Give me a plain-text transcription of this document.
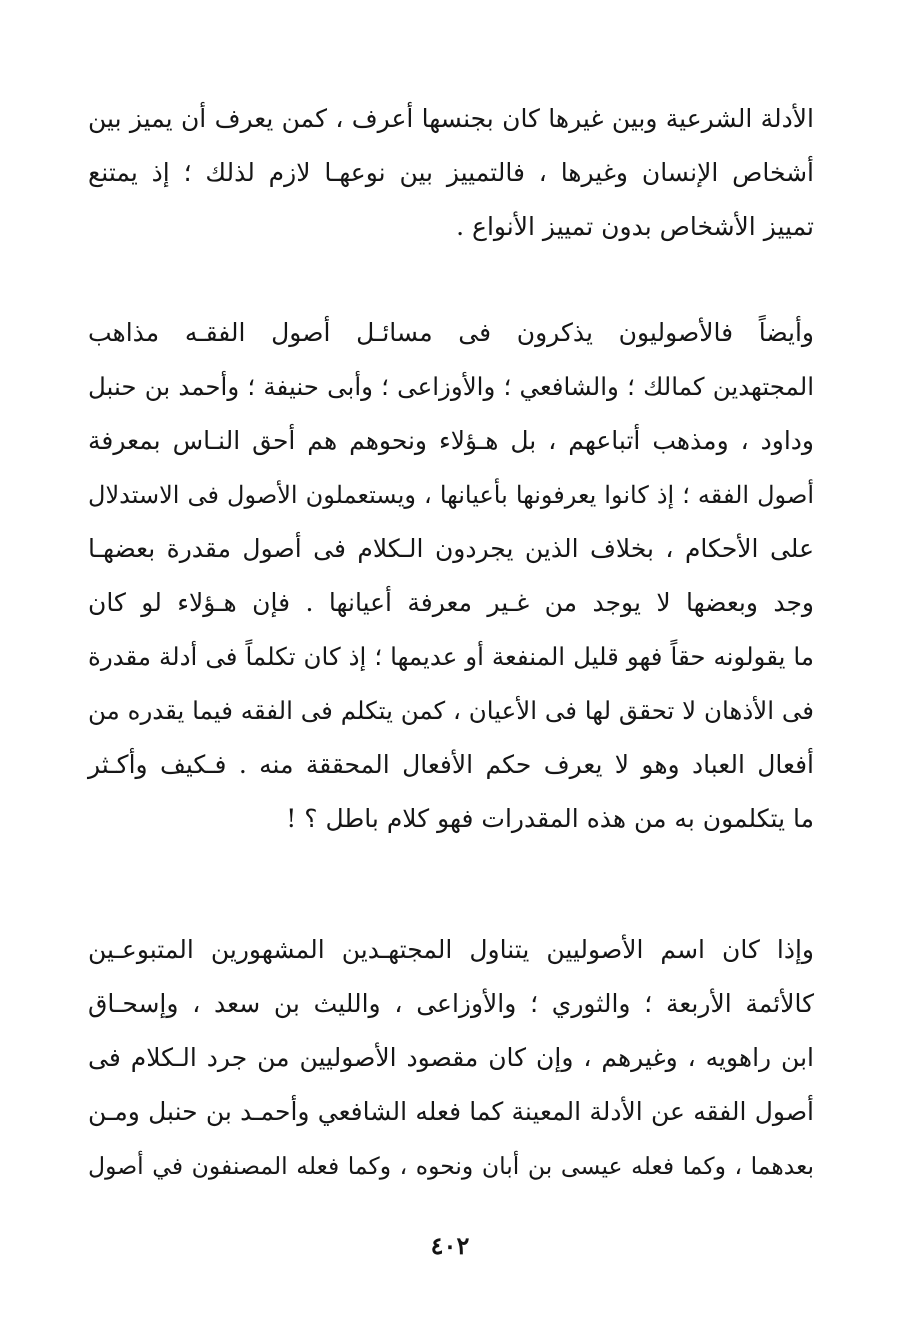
الأدلة الشرعية وبين غيرها كان بجنسها أعرف ، كمن يعرف أن يميز بين
أشخاص الإنسان وغيرها ، فالتمييز بين نوعهـا لازم لذلك ؛ إذ يمتنع
تمييز الأشخاص بدون تمييز الأنواع .
وأيضاً فالأصوليون يذكرون فى مسائـل أصول الفقـه مذاهب
المجتهدين كمالك ؛ والشافعي ؛ والأوزاعى ؛ وأبى حنيفة ؛ وأحمد بن حنبل
وداود ، ومذهب أتباعهم ، بل هـؤلاء ونحوهم هم أحق النـاس بمعرفة
أصول الفقه ؛ إذ كانوا يعرفونها بأعيانها ، ويستعملون الأصول فى الاستدلال
على الأحكام ، بخلاف الذين يجردون الـكلام فى أصول مقدرة بعضهـا
وجد وبعضها لا يوجد من غـير معرفة أعيانها . فإن هـؤلاء لو كان
ما يقولونه حقاً فهو قليل المنفعة أو عديمها ؛ إذ كان تكلماً فى أدلة مقدرة
فى الأذهان لا تحقق لها فى الأعيان ، كمن يتكلم فى الفقه فيما يقدره من
أفعال العباد وهو لا يعرف حكم الأفعال المحققة منه . فـكيف وأكـثر
ما يتكلمون به من هذه المقدرات فهو كلام باطل ؟ !
وإذا كان اسم الأصوليين يتناول المجتهـدين المشهورين المتبوعـين
كالأئمة الأربعة ؛ والثوري ؛ والأوزاعى ، والليث بن سعد ، وإسحـاق
ابن راهويه ، وغيرهم ، وإن كان مقصود الأصوليين من جرد الـكلام فى
أصول الفقه عن الأدلة المعينة كما فعله الشافعي وأحمـد بن حنبل ومـن
بعدهما ، وكما فعله عيسى بن أبان ونحوه ، وكما فعله المصنفون في أصول
٤٠٢
